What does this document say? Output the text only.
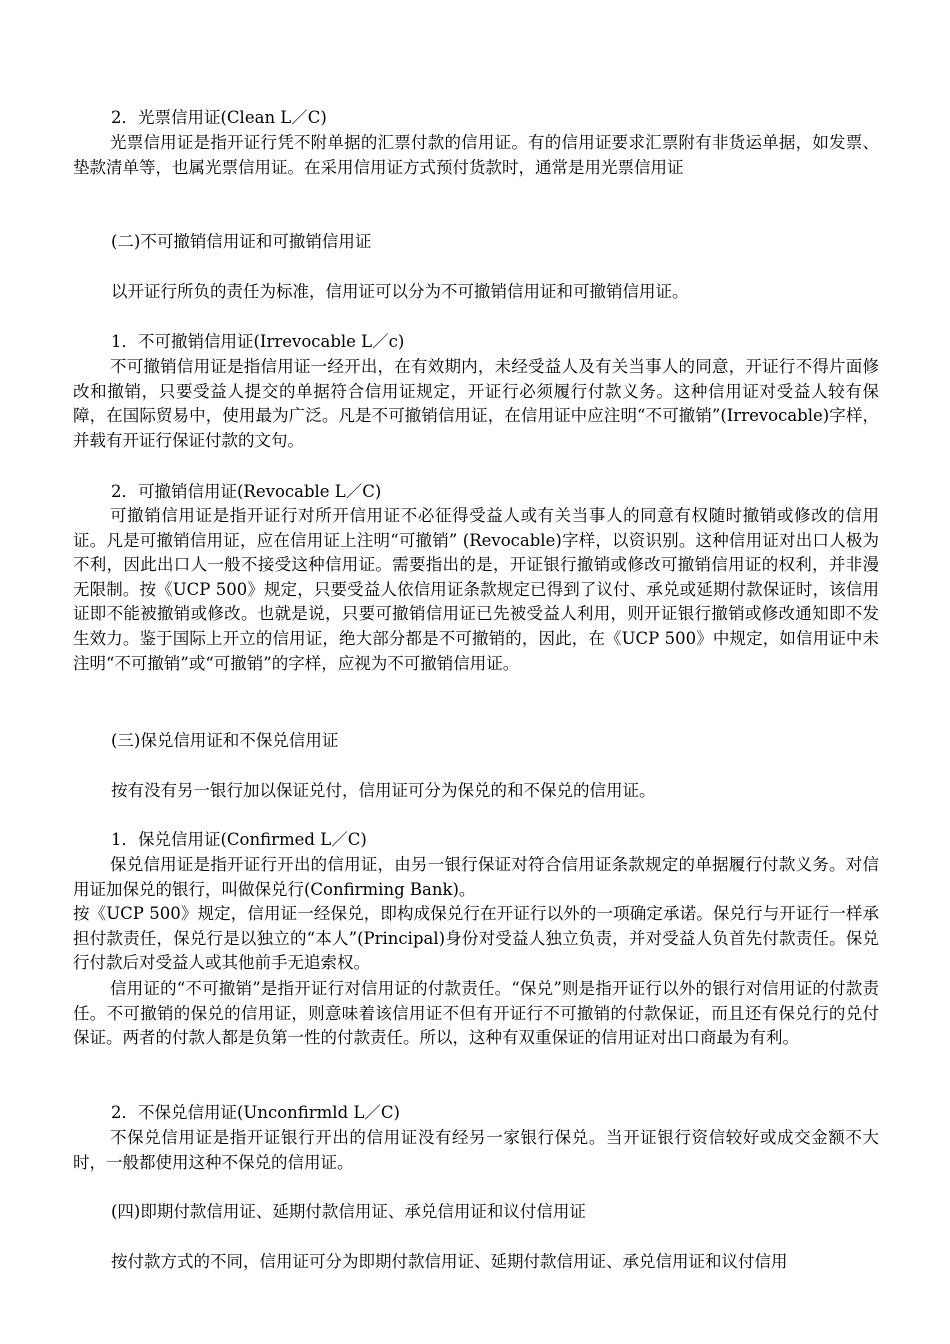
2．光票信用证(Clean L／C)

光票信用证是指开证行凭不附单据的汇票付款的信用证。有的信用证要求汇票附有非货运单据，如发票、垫款清单等，也属光票信用证。在采用信用证方式预付货款时，通常是用光票信用证

(二)不可撤销信用证和可撤销信用证

以开证行所负的责任为标准，信用证可以分为不可撤销信用证和可撤销信用证。

1．不可撤销信用证(Irrevocable L／c)

不可撤销信用证是指信用证一经开出，在有效期内，未经受益人及有关当事人的同意，开证行不得片面修改和撤销，只要受益人提交的单据符合信用证规定，开证行必须履行付款义务。这种信用证对受益人较有保障，在国际贸易中，使用最为广泛。凡是不可撤销信用证，在信用证中应注明“不可撤销”(Irrevocable)字样，并载有开证行保证付款的文句。

2．可撤销信用证(Revocable L／C)

可撤销信用证是指开证行对所开信用证不必征得受益人或有关当事人的同意有权随时撤销或修改的信用证。凡是可撤销信用证，应在信用证上注明“可撤销” (Revocable)字样，以资识别。这种信用证对出口人极为不利，因此出口人一般不接受这种信用证。需要指出的是，开证银行撤销或修改可撤销信用证的权利，并非漫无限制。按《UCP 500》规定，只要受益人依信用证条款规定已得到了议付、承兑或延期付款保证时，该信用证即不能被撤销或修改。也就是说，只要可撤销信用证已先被受益人利用，则开证银行撤销或修改通知即不发生效力。鉴于国际上开立的信用证，绝大部分都是不可撤销的，因此，在《UCP 500》中规定，如信用证中未注明“不可撤销”或“可撤销”的字样，应视为不可撤销信用证。

(三)保兑信用证和不保兑信用证

按有没有另一银行加以保证兑付，信用证可分为保兑的和不保兑的信用证。

1．保兑信用证(Confirmed L／C)

保兑信用证是指开证行开出的信用证，由另一银行保证对符合信用证条款规定的单据履行付款义务。对信用证加保兑的银行，叫做保兑行(Confirming Bank)。

按《UCP 500》规定，信用证一经保兑，即构成保兑行在开证行以外的一项确定承诺。保兑行与开证行一样承担付款责任，保兑行是以独立的“本人”(Principal)身份对受益人独立负责，并对受益人负首先付款责任。保兑行付款后对受益人或其他前手无追索权。

信用证的“不可撤销”是指开证行对信用证的付款责任。“保兑”则是指开证行以外的银行对信用证的付款责任。不可撤销的保兑的信用证，则意味着该信用证不但有开证行不可撤销的付款保证，而且还有保兑行的兑付保证。两者的付款人都是负第一性的付款责任。所以，这种有双重保证的信用证对出口商最为有利。

2．不保兑信用证(Unconfirmld L／C)

不保兑信用证是指开证银行开出的信用证没有经另一家银行保兑。当开证银行资信较好或成交金额不大时，一般都使用这种不保兑的信用证。

(四)即期付款信用证、延期付款信用证、承兑信用证和议付信用证

按付款方式的不同，信用证可分为即期付款信用证、延期付款信用证、承兑信用证和议付信用
